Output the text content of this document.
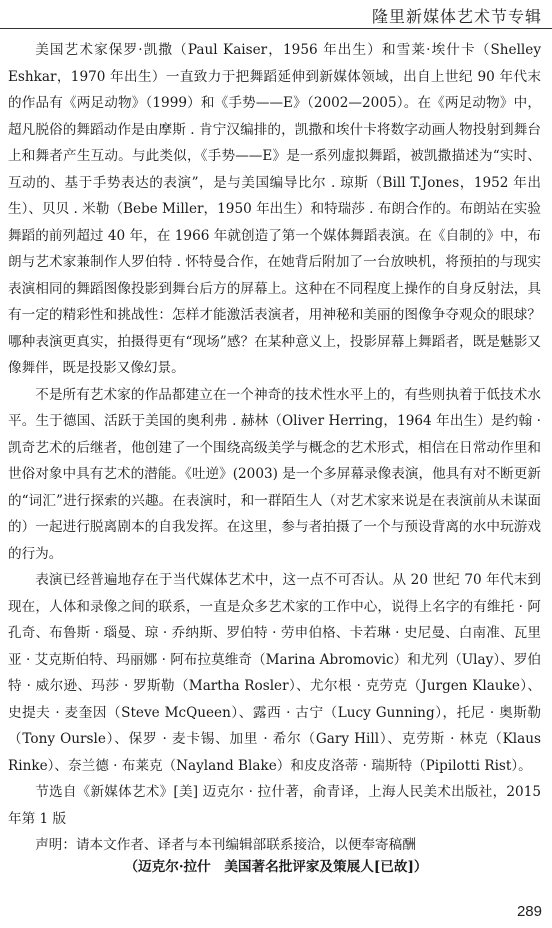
隆里新媒体艺术节专辑

美国艺术家保罗·凯撒（Paul Kaiser，1956 年出生）和雪莱·埃什卡（Shelley Eshkar，1970 年出生）一直致力于把舞蹈延伸到新媒体领域，出自上世纪 90 年代末的作品有《两足动物》（1999）和《手势——E》（2002—2005）。在《两足动物》中，超凡脱俗的舞蹈动作是由摩斯 . 肯宁汉编排的，凯撒和埃什卡将数字动画人物投射到舞台上和舞者产生互动。与此类似，《手势——E》是一系列虚拟舞蹈，被凯撒描述为“实时、互动的、基于手势表达的表演”，是与美国编导比尔 . 琼斯（Bill T.Jones，1952 年出生）、贝贝 . 米勒（Bebe Miller，1950 年出生）和特瑞莎 . 布朗合作的。布朗站在实验舞蹈的前列超过 40 年，在 1966 年就创造了第一个媒体舞蹈表演。在《自制的》中，布朗与艺术家兼制作人罗伯特 . 怀特曼合作，在她背后附加了一台放映机，将预拍的与现实表演相同的舞蹈图像投影到舞台后方的屏幕上。这种在不同程度上操作的自身反射法，具有一定的精彩性和挑战性：怎样才能激活表演者，用神秘和美丽的图像争夺观众的眼球？哪种表演更真实，拍摄得更有“现场”感？在某种意义上，投影屏幕上舞蹈者，既是魅影又像舞伴，既是投影又像幻景。

不是所有艺术家的作品都建立在一个神奇的技术性水平上的，有些则执着于低技术水平。生于德国、活跃于美国的奥利弗 . 赫林（Oliver Herring，1964 年出生）是约翰 · 凯奇艺术的后继者，他创建了一个围绕高级美学与概念的艺术形式，相信在日常动作里和世俗对象中具有艺术的潜能。《吐逆》(2003) 是一个多屏幕录像表演，他具有对不断更新的“词汇”进行探索的兴趣。在表演时，和一群陌生人（对艺术家来说是在表演前从未谋面的）一起进行脱离剧本的自我发挥。在这里，参与者拍摄了一个与预设背离的水中玩游戏的行为。

表演已经普遍地存在于当代媒体艺术中，这一点不可否认。从 20 世纪 70 年代末到现在，人体和录像之间的联系，一直是众多艺术家的工作中心，说得上名字的有维托 · 阿孔奇、布鲁斯 · 瑙曼、琼 · 乔纳斯、罗伯特 · 劳申伯格、卡若琳 · 史尼曼、白南准、瓦里亚 · 艾克斯伯特、玛丽娜 · 阿布拉莫维奇（Marina Abromovic）和尤列（Ulay）、罗伯特 · 威尔逊、玛莎 · 罗斯勒（Martha Rosler）、尤尔根 · 克劳克（Jurgen Klauke）、史提夫 · 麦奎因（Steve McQueen）、露西 · 古宁（Lucy Gunning），托尼 · 奥斯勒（Tony Oursle）、保罗 · 麦卡锡、加里 · 希尔（Gary Hill）、克劳斯 · 林克（Klaus Rinke）、奈兰德 · 布莱克（Nayland Blake）和皮皮洛蒂 · 瑞斯特（Pipilotti Rist）。

节选自《新媒体艺术》[美] 迈克尔 · 拉什著，俞青译，上海人民美术出版社，2015 年第 1 版

声明：请本文作者、译者与本刊编辑部联系接洽，以便奉寄稿酬

（迈克尔·拉什　美国著名批评家及策展人[已故]）
289
